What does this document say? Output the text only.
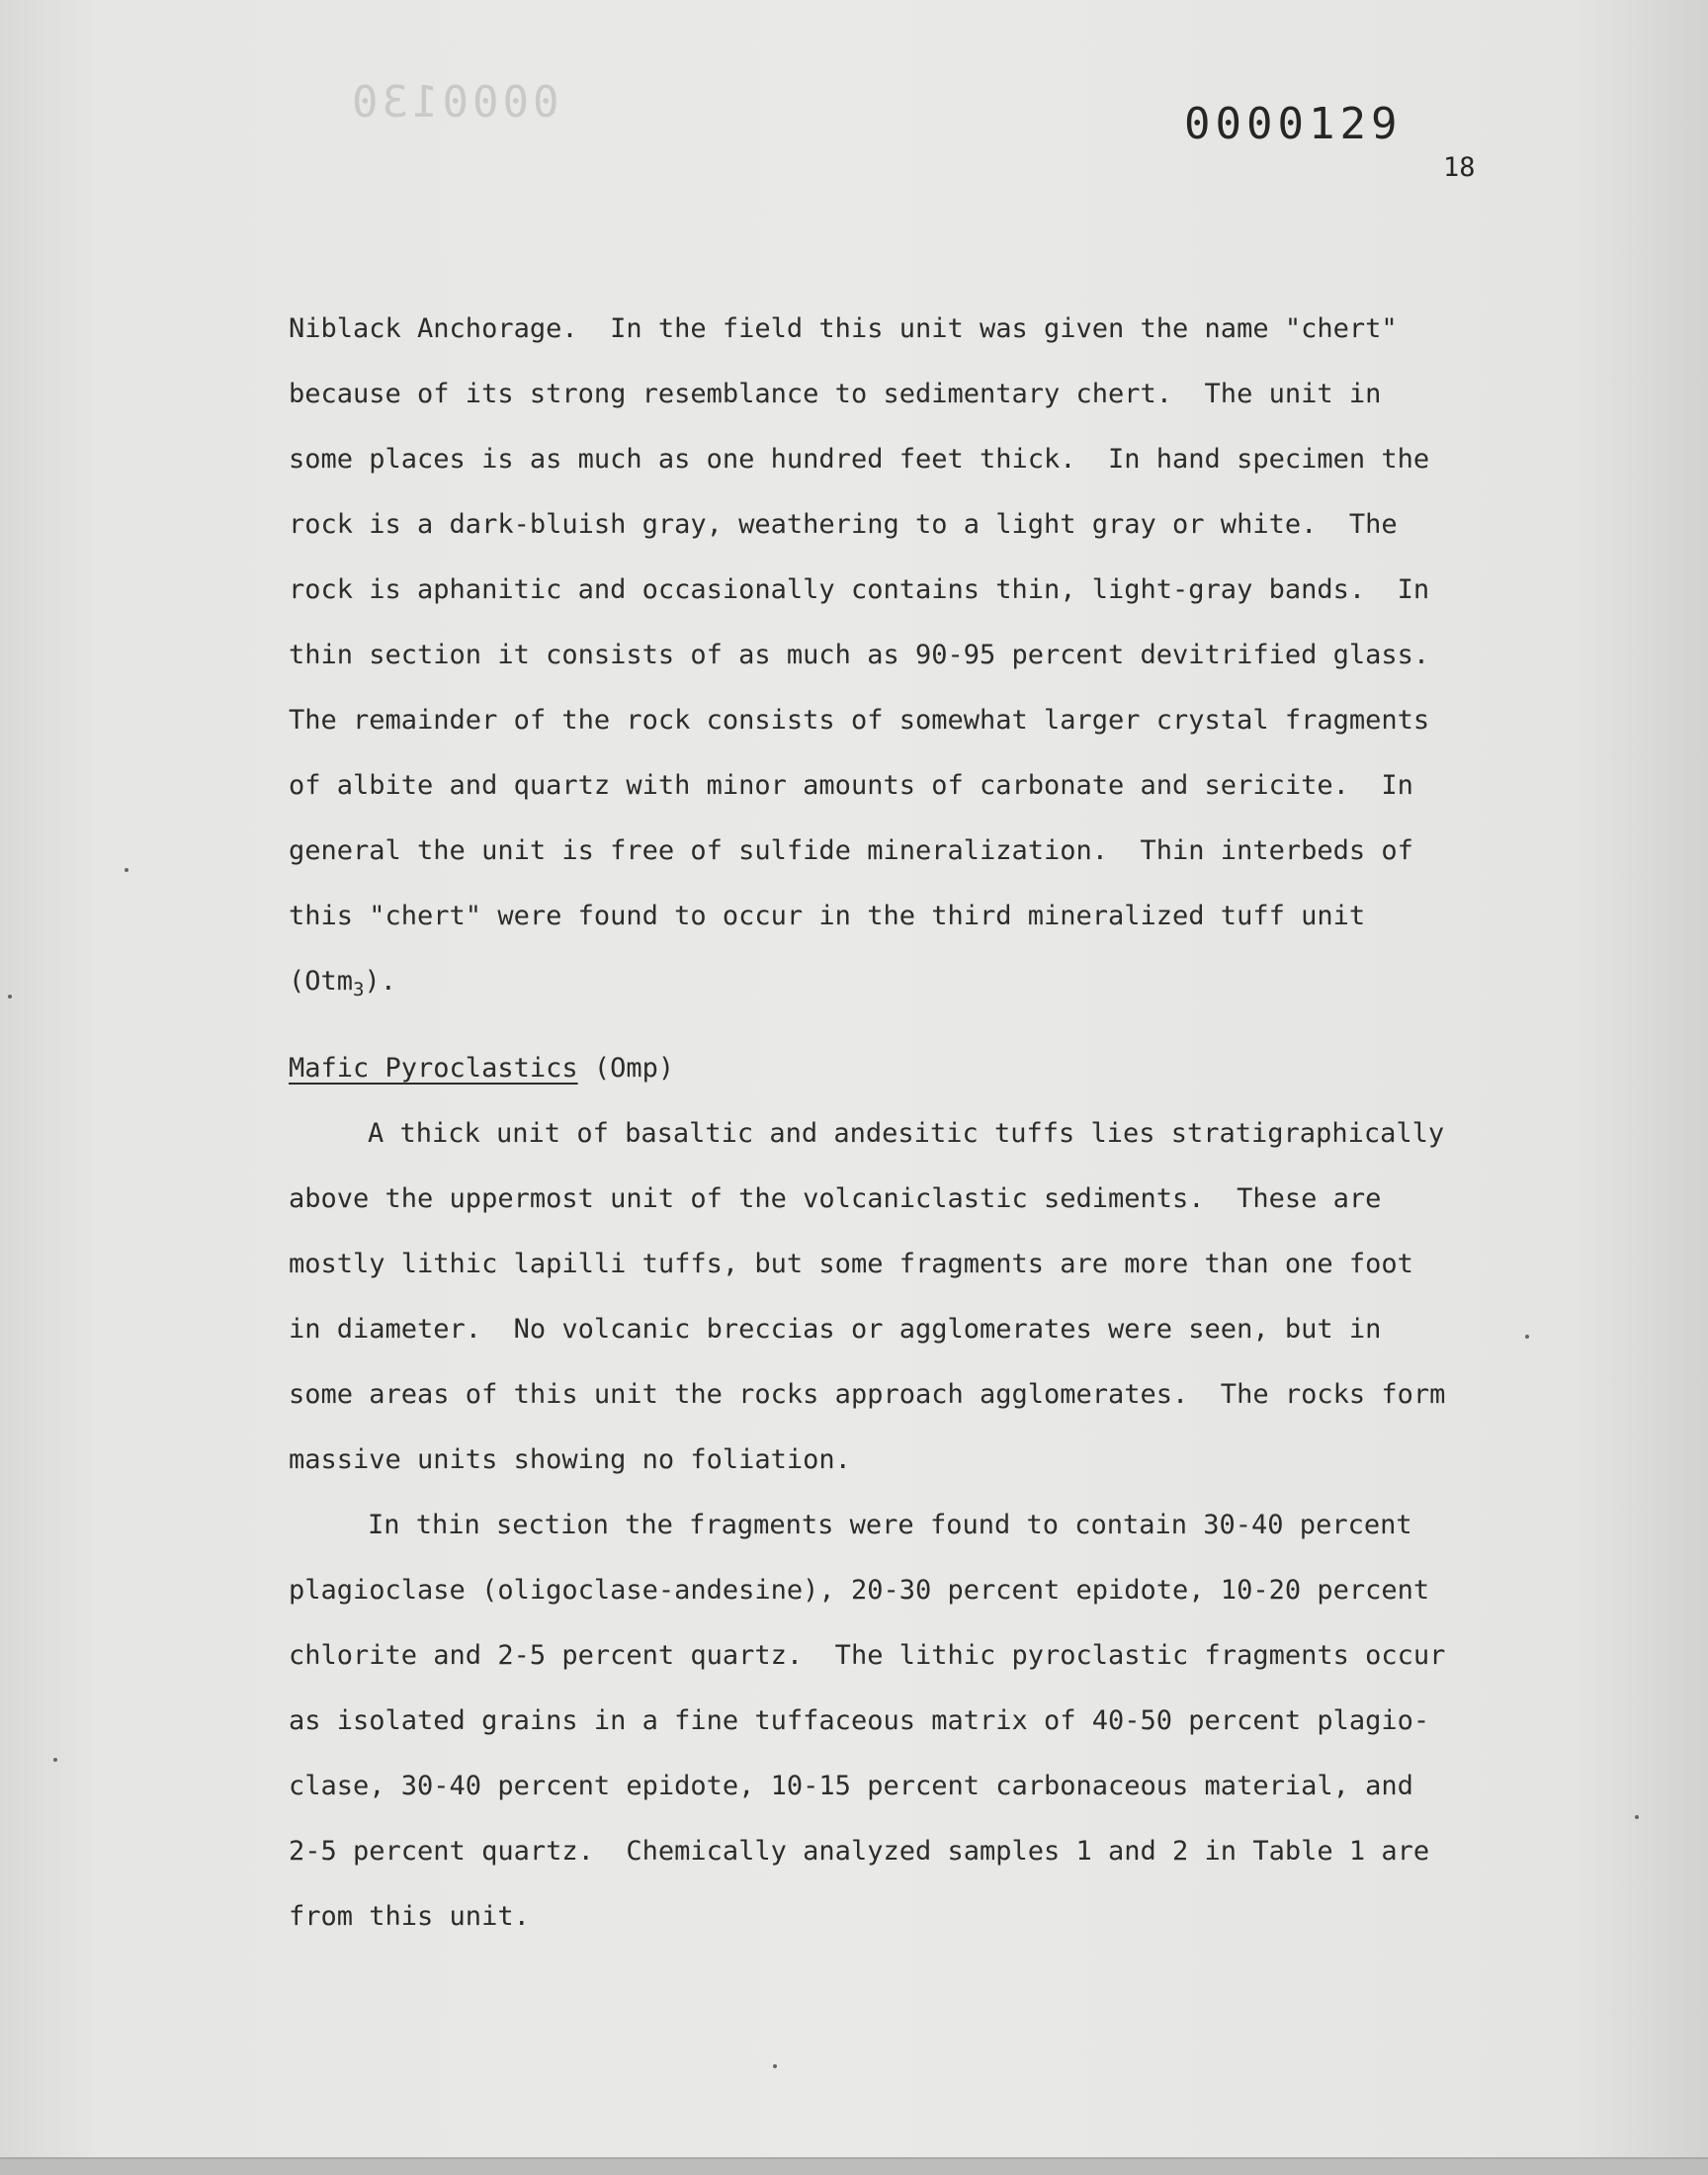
0000130	0000129
18
Niblack Anchorage.  In the field this unit was given the name "chert"
because of its strong resemblance to sedimentary chert.  The unit in
some places is as much as one hundred feet thick.  In hand specimen the
rock is a dark-bluish gray, weathering to a light gray or white.  The
rock is aphanitic and occasionally contains thin, light-gray bands.  In
thin section it consists of as much as 90-95 percent devitrified glass.
The remainder of the rock consists of somewhat larger crystal fragments
of albite and quartz with minor amounts of carbonate and sericite.  In
general the unit is free of sulfide mineralization.  Thin interbeds of
this "chert" were found to occur in the third mineralized tuff unit
(Otm$_3$).
Mafic Pyroclastics (Omp)
A thick unit of basaltic and andesitic tuffs lies stratigraphically
above the uppermost unit of the volcaniclastic sediments.  These are
mostly lithic lapilli tuffs, but some fragments are more than one foot
in diameter.  No volcanic breccias or agglomerates were seen, but in
some areas of this unit the rocks approach agglomerates.  The rocks form
massive units showing no foliation.
In thin section the fragments were found to contain 30-40 percent
plagioclase (oligoclase-andesine), 20-30 percent epidote, 10-20 percent
chlorite and 2-5 percent quartz.  The lithic pyroclastic fragments occur
as isolated grains in a fine tuffaceous matrix of 40-50 percent plagio-
clase, 30-40 percent epidote, 10-15 percent carbonaceous material, and
2-5 percent quartz.  Chemically analyzed samples 1 and 2 in Table 1 are
from this unit.
